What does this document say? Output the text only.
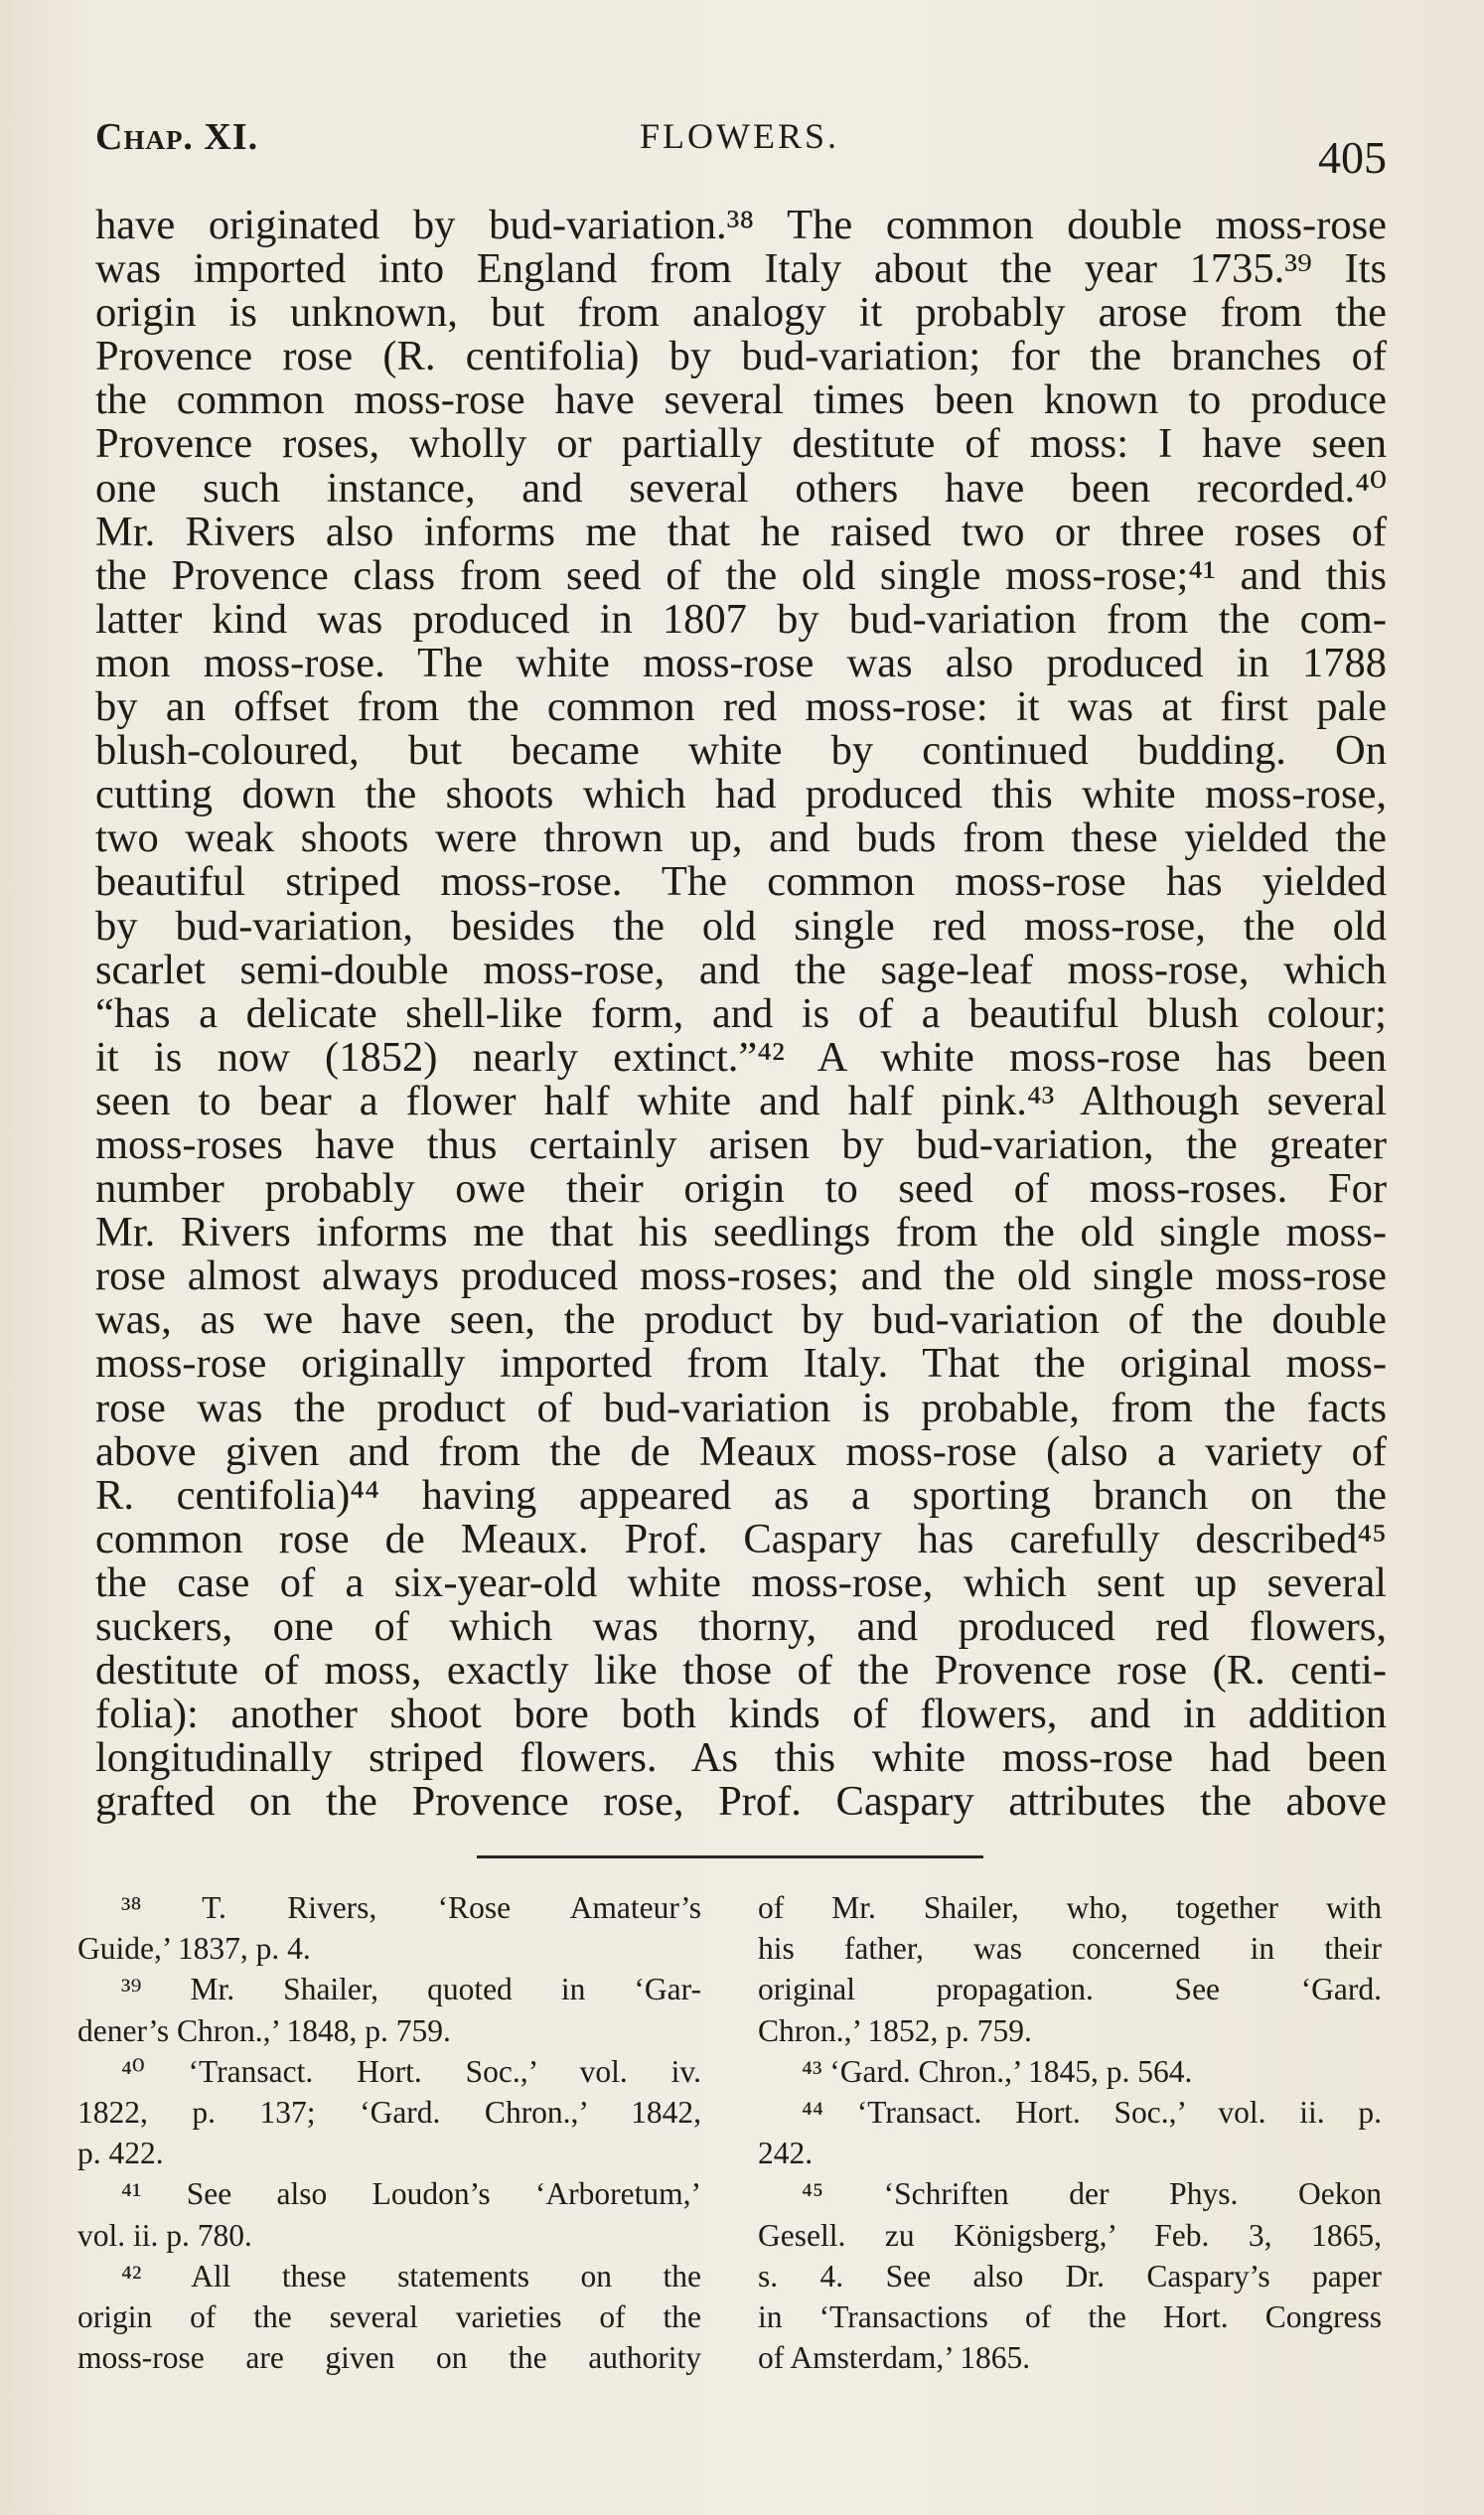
Chap. XI.	FLOWERS.	405
have originated by bud-variation.³⁸ The common double moss-rose
was imported into England from Italy about the year 1735.³⁹ Its
origin is unknown, but from analogy it probably arose from the
Provence rose (R. centifolia) by bud-variation; for the branches of
the common moss-rose have several times been known to produce
Provence roses, wholly or partially destitute of moss: I have seen
one such instance, and several others have been recorded.⁴⁰
Mr. Rivers also informs me that he raised two or three roses of
the Provence class from seed of the old single moss-rose;⁴¹ and this
latter kind was produced in 1807 by bud-variation from the com-
mon moss-rose. The white moss-rose was also produced in 1788
by an offset from the common red moss-rose: it was at first pale
blush-coloured, but became white by continued budding. On
cutting down the shoots which had produced this white moss-rose,
two weak shoots were thrown up, and buds from these yielded the
beautiful striped moss-rose. The common moss-rose has yielded
by bud-variation, besides the old single red moss-rose, the old
scarlet semi-double moss-rose, and the sage-leaf moss-rose, which
“has a delicate shell-like form, and is of a beautiful blush colour;
it is now (1852) nearly extinct.”⁴² A white moss-rose has been
seen to bear a flower half white and half pink.⁴³ Although several
moss-roses have thus certainly arisen by bud-variation, the greater
number probably owe their origin to seed of moss-roses. For
Mr. Rivers informs me that his seedlings from the old single moss-
rose almost always produced moss-roses; and the old single moss-rose
was, as we have seen, the product by bud-variation of the double
moss-rose originally imported from Italy. That the original moss-
rose was the product of bud-variation is probable, from the facts
above given and from the de Meaux moss-rose (also a variety of
R. centifolia)⁴⁴ having appeared as a sporting branch on the
common rose de Meaux. Prof. Caspary has carefully described⁴⁵
the case of a six-year-old white moss-rose, which sent up several
suckers, one of which was thorny, and produced red flowers,
destitute of moss, exactly like those of the Provence rose (R. centi-
folia): another shoot bore both kinds of flowers, and in addition
longitudinally striped flowers. As this white moss-rose had been
grafted on the Provence rose, Prof. Caspary attributes the above
³⁸ T. Rivers, ‘Rose Amateur’s
Guide,’ 1837, p. 4.
³⁹ Mr. Shailer, quoted in ‘Gar-
dener’s Chron.,’ 1848, p. 759.
⁴⁰ ‘Transact. Hort. Soc.,’ vol. iv.
1822, p. 137; ‘Gard. Chron.,’ 1842,
p. 422.
⁴¹ See also Loudon’s ‘Arboretum,’
vol. ii. p. 780.
⁴² All these statements on the
origin of the several varieties of the
moss-rose are given on the authority
of Mr. Shailer, who, together with
his father, was concerned in their
original propagation. See ‘Gard.
Chron.,’ 1852, p. 759.
⁴³ ‘Gard. Chron.,’ 1845, p. 564.
⁴⁴ ‘Transact. Hort. Soc.,’ vol. ii. p.
242.
⁴⁵ ‘Schriften der Phys. Oekon
Gesell. zu Königsberg,’ Feb. 3, 1865,
s. 4. See also Dr. Caspary’s paper
in ‘Transactions of the Hort. Congress
of Amsterdam,’ 1865.
